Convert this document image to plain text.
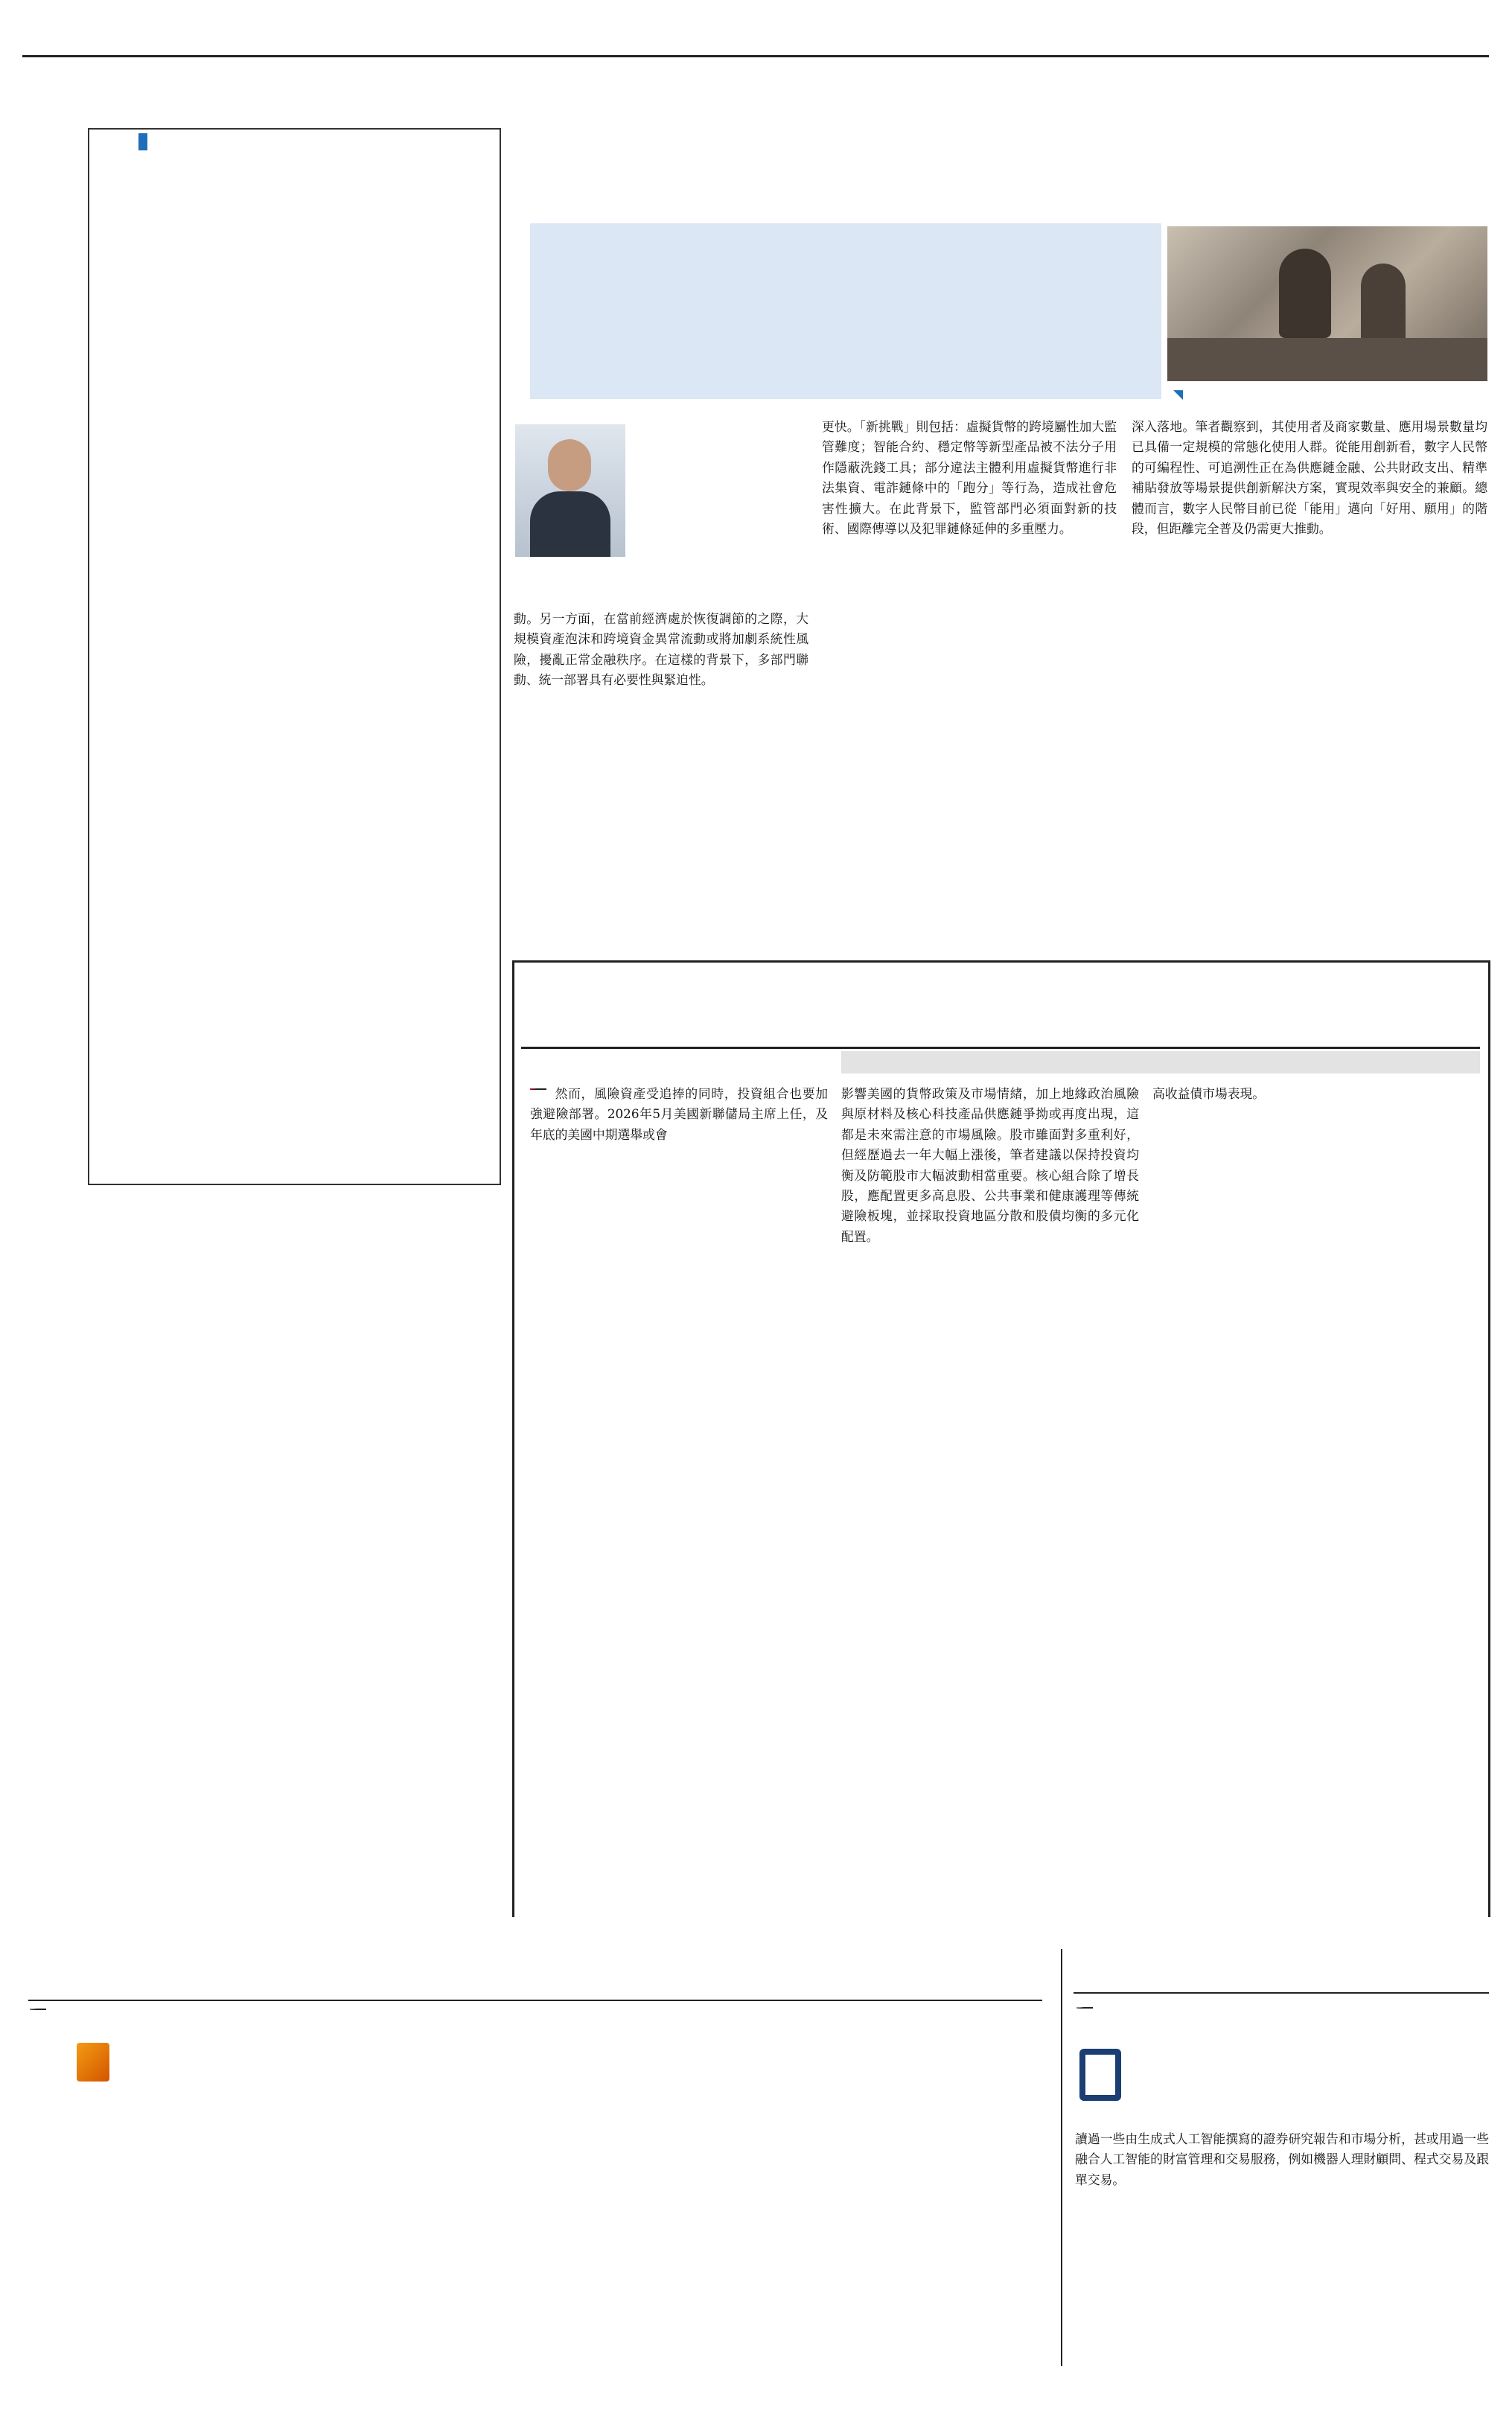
◥

動。另一方面，在當前經濟處於恢復調節的之際，大規模資產泡沫和跨境資金異常流動或將加劇系統性風險，擾亂正常金融秩序。在這樣的背景下，多部門聯動、統一部署具有必要性與緊迫性。

更快。「新挑戰」則包括：虛擬貨幣的跨境屬性加大監管難度；智能合約、穩定幣等新型產品被不法分子用作隱蔽洗錢工具；部分違法主體利用虛擬貨幣進行非法集資、電詐鏈條中的「跑分」等行為，造成社會危害性擴大。在此背景下，監管部門必須面對新的技術、國際傳導以及犯罪鏈條延伸的多重壓力。

深入落地。筆者觀察到，其使用者及商家數量、應用場景數量均已具備一定規模的常態化使用人群。從能用創新看，數字人民幣的可編程性、可追溯性正在為供應鏈金融、公共財政支出、精準補貼發放等場景提供創新解決方案，實現效率與安全的兼顧。總體而言，數字人民幣目前已從「能用」邁向「好用、願用」的階段，但距離完全普及仍需更大推動。

然而，風險資產受追捧的同時，投資組合也要加強避險部署。2026年5月美國新聯儲局主席上任，及年底的美國中期選舉或會

影響美國的貨幣政策及市場情緒，加上地緣政治風險與原材料及核心科技產品供應鏈爭拗或再度出現，這都是未來需注意的市場風險。股市雖面對多重利好，但經歷過去一年大幅上漲後，筆者建議以保持投資均衡及防範股市大幅波動相當重要。核心組合除了增長股，應配置更多高息股、公共事業和健康護理等傳統避險板塊，並採取投資地區分散和股債均衡的多元化配置。

高收益債市場表現。

讀過一些由生成式人工智能撰寫的證券研究報告和市場分析，甚或用過一些融合人工智能的財富管理和交易服務，例如機器人理財顧問、程式交易及跟單交易。
